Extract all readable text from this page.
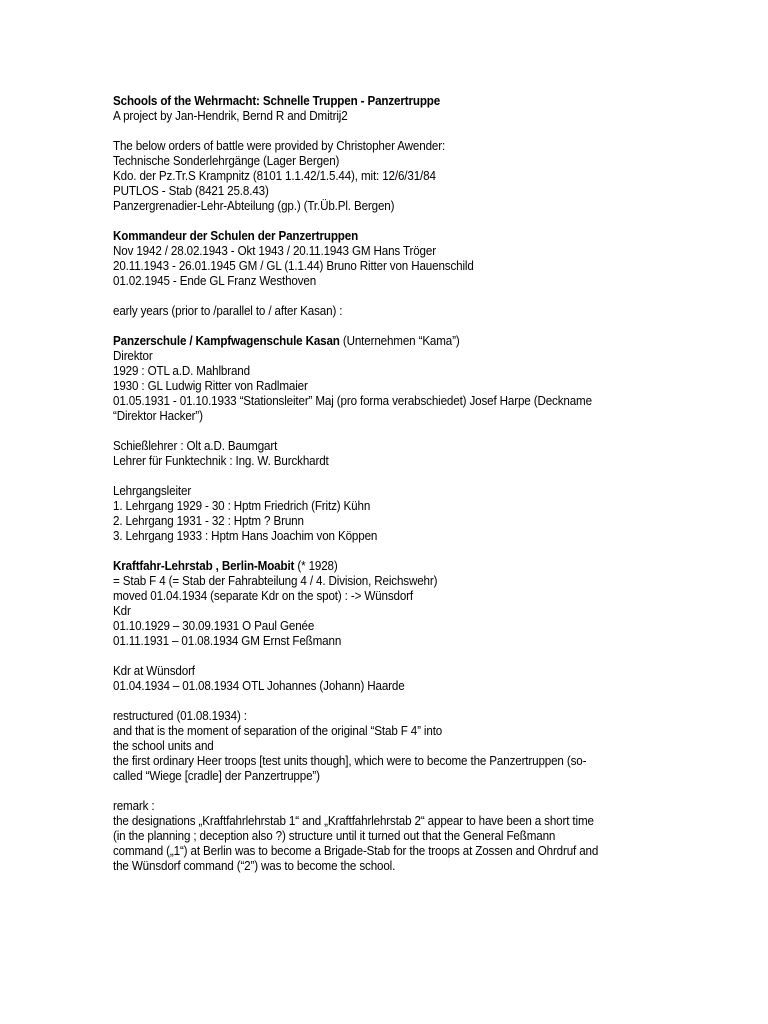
Schools of the Wehrmacht: Schnelle Truppen - Panzertruppe
A project by Jan-Hendrik, Bernd R and Dmitrij2
The below orders of battle were provided by Christopher Awender:
Technische Sonderlehrgänge (Lager Bergen)
Kdo. der Pz.Tr.S Krampnitz (8101 1.1.42/1.5.44), mit: 12/6/31/84
PUTLOS - Stab (8421 25.8.43)
Panzergrenadier-Lehr-Abteilung (gp.) (Tr.Üb.Pl. Bergen)
Kommandeur der Schulen der Panzertruppen
Nov 1942 / 28.02.1943 - Okt 1943 / 20.11.1943 GM Hans Tröger
20.11.1943 - 26.01.1945 GM / GL (1.1.44) Bruno Ritter von Hauenschild
01.02.1945 - Ende GL Franz Westhoven
early years (prior to /parallel to / after Kasan) :
Panzerschule / Kampfwagenschule Kasan (Unternehmen “Kama”)
Direktor
1929 : OTL a.D. Mahlbrand
1930 : GL Ludwig Ritter von Radlmaier
01.05.1931 - 01.10.1933 “Stationsleiter” Maj (pro forma verabschiedet) Josef Harpe (Deckname
“Direktor Hacker”)
Schießlehrer : Olt a.D. Baumgart
Lehrer für Funktechnik : Ing. W. Burckhardt
Lehrgangsleiter
1. Lehrgang 1929 - 30 : Hptm Friedrich (Fritz) Kühn
2. Lehrgang 1931 - 32 : Hptm ? Brunn
3. Lehrgang 1933 : Hptm Hans Joachim von Köppen
Kraftfahr-Lehrstab , Berlin-Moabit (* 1928)
= Stab F 4 (= Stab der Fahrabteilung 4 / 4. Division, Reichswehr)
moved 01.04.1934 (separate Kdr on the spot) : -> Wünsdorf
Kdr
01.10.1929 – 30.09.1931 O Paul Genée
01.11.1931 – 01.08.1934 GM Ernst Feßmann
Kdr at Wünsdorf
01.04.1934 – 01.08.1934 OTL Johannes (Johann) Haarde
restructured (01.08.1934) :
and that is the moment of separation of the original “Stab F 4” into
the school units and
the first ordinary Heer troops [test units though], which were to become the Panzertruppen (so-
called “Wiege [cradle] der Panzertruppe”)
remark :
the designations „Kraftfahrlehrstab 1“ and „Kraftfahrlehrstab 2“ appear to have been a short time
(in the planning ; deception also ?) structure until it turned out that the General Feßmann
command („1“) at Berlin was to become a Brigade-Stab for the troops at Zossen and Ohrdruf and
the Wünsdorf command (“2”) was to become the school.
